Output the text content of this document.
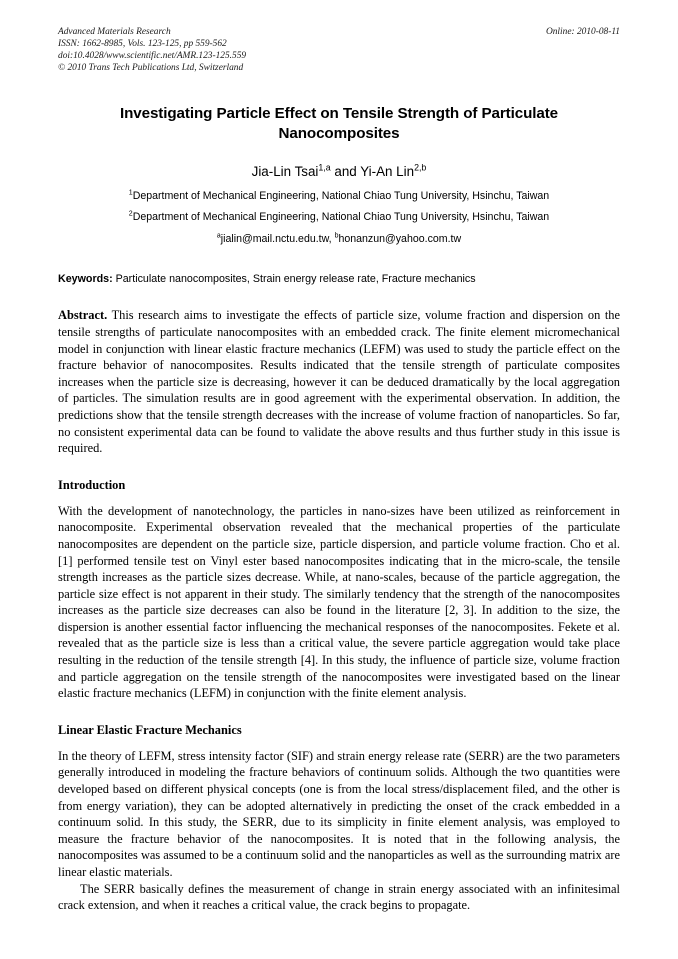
Advanced Materials Research
ISSN: 1662-8985, Vols. 123-125, pp 559-562
doi:10.4028/www.scientific.net/AMR.123-125.559
© 2010 Trans Tech Publications Ltd, Switzerland
Online: 2010-08-11
Investigating Particle Effect on Tensile Strength of Particulate Nanocomposites
Jia-Lin Tsai$^{1,a}$ and Yi-An Lin$^{2,b}$
$^1$Department of Mechanical Engineering, National Chiao Tung University, Hsinchu, Taiwan
$^2$Department of Mechanical Engineering, National Chiao Tung University, Hsinchu, Taiwan
$^a$jialin@mail.nctu.edu.tw, $^b$honanzun@yahoo.com.tw
Keywords: Particulate nanocomposites, Strain energy release rate, Fracture mechanics
Abstract. This research aims to investigate the effects of particle size, volume fraction and dispersion on the tensile strengths of particulate nanocomposites with an embedded crack. The finite element micromechanical model in conjunction with linear elastic fracture mechanics (LEFM) was used to study the particle effect on the fracture behavior of nanocomposites. Results indicated that the tensile strength of particulate composites increases when the particle size is decreasing, however it can be deduced dramatically by the local aggregation of particles. The simulation results are in good agreement with the experimental observation. In addition, the predictions show that the tensile strength decreases with the increase of volume fraction of nanoparticles. So far, no consistent experimental data can be found to validate the above results and thus further study in this issue is required.
Introduction
With the development of nanotechnology, the particles in nano-sizes have been utilized as reinforcement in nanocomposite. Experimental observation revealed that the mechanical properties of the particulate nanocomposites are dependent on the particle size, particle dispersion, and particle volume fraction. Cho et al. [1] performed tensile test on Vinyl ester based nanocomposites indicating that in the micro-scale, the tensile strength increases as the particle sizes decrease. While, at nano-scales, because of the particle aggregation, the particle size effect is not apparent in their study. The similarly tendency that the strength of the nanocomposites increases as the particle size decreases can also be found in the literature [2, 3]. In addition to the size, the dispersion is another essential factor influencing the mechanical responses of the nanocomposites. Fekete et al. revealed that as the particle size is less than a critical value, the severe particle aggregation would take place resulting in the reduction of the tensile strength [4]. In this study, the influence of particle size, volume fraction and particle aggregation on the tensile strength of the nanocomposites were investigated based on the linear elastic fracture mechanics (LEFM) in conjunction with the finite element analysis.
Linear Elastic Fracture Mechanics
In the theory of LEFM, stress intensity factor (SIF) and strain energy release rate (SERR) are the two parameters generally introduced in modeling the fracture behaviors of continuum solids. Although the two quantities were developed based on different physical concepts (one is from the local stress/displacement filed, and the other is from energy variation), they can be adopted alternatively in predicting the onset of the crack embedded in a continuum solid. In this study, the SERR, due to its simplicity in finite element analysis, was employed to measure the fracture behavior of the nanocomposites. It is noted that in the following analysis, the nanocomposites was assumed to be a continuum solid and the nanoparticles as well as the surrounding matrix are linear elastic materials.
The SERR basically defines the measurement of change in strain energy associated with an infinitesimal crack extension, and when it reaches a critical value, the crack begins to propagate.
